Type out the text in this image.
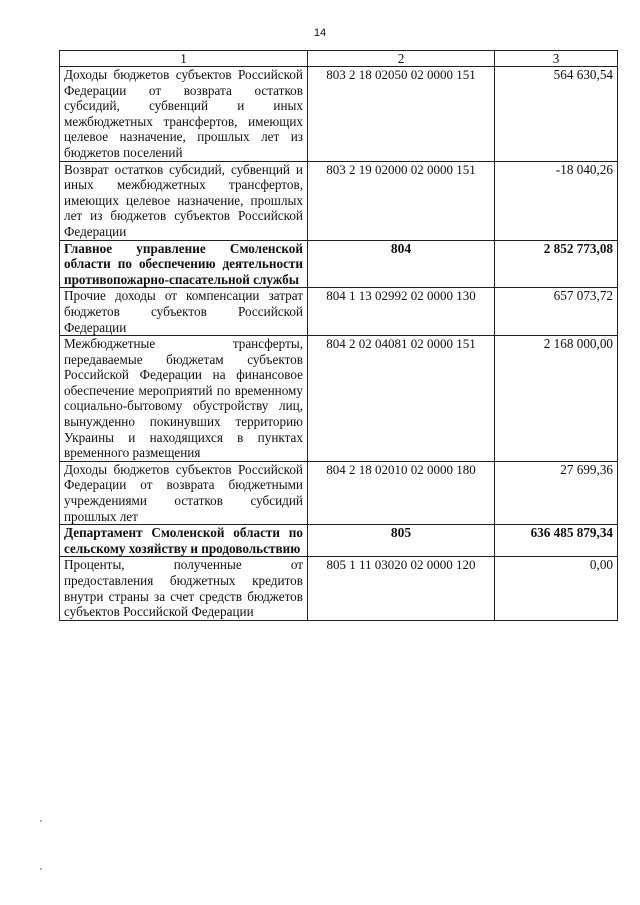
14
1	2	3
Доходы бюджетов субъектов Российской Федерации от возврата остатков субсидий, субвенций и иных межбюджетных трансфертов, имеющих целевое назначение, прошлых лет из бюджетов поселений	803 2 18 02050 02 0000 151	564 630,54
Возврат остатков субсидий, субвенций и иных межбюджетных трансфертов, имеющих целевое назначение, прошлых лет из бюджетов субъектов Российской Федерации	803 2 19 02000 02 0000 151	-18 040,26
Главное управление Смоленской области по обеспечению деятельности противопожарно-спасательной службы	804	2 852 773,08
Прочие доходы от компенсации затрат бюджетов субъектов Российской Федерации	804 1 13 02992 02 0000 130	657 073,72
Межбюджетные трансферты, передаваемые бюджетам субъектов Российской Федерации на финансовое обеспечение мероприятий по временному социально-бытовому обустройству лиц, вынужденно покинувших территорию Украины и находящихся в пунктах временного размещения	804 2 02 04081 02 0000 151	2 168 000,00
Доходы бюджетов субъектов Российской Федерации от возврата бюджетными учреждениями остатков субсидий прошлых лет	804 2 18 02010 02 0000 180	27 699,36
Департамент Смоленской области по сельскому хозяйству и продовольствию	805	636 485 879,34
Проценты, полученные от предоставления бюджетных кредитов внутри страны за счет средств бюджетов субъектов Российской Федерации	805 1 11 03020 02 0000 120	0,00
